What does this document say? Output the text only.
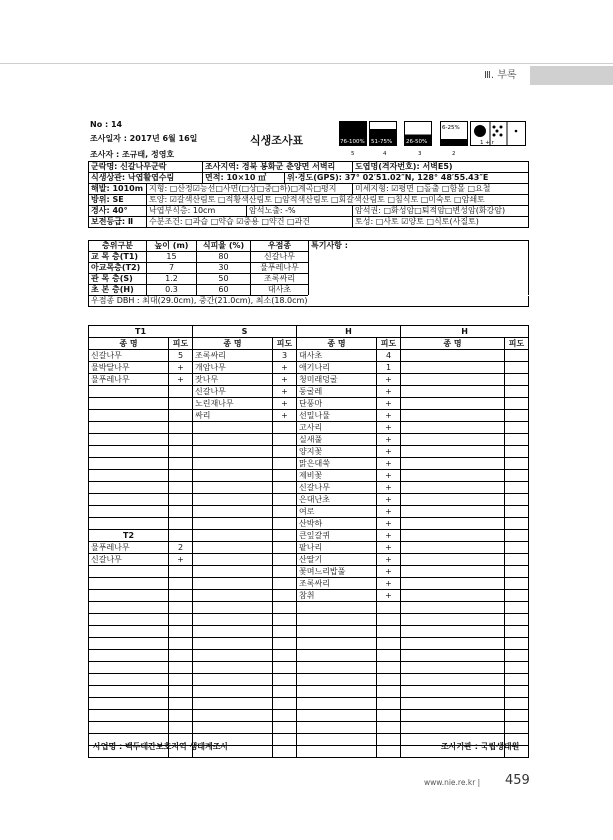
Ⅲ. 부록
No : 14
조사일자 : 2017년 6월 16일	식생조사표
조사자 : 조규태, 정영호
76-100%
5
51-75%
4
26-50%
3
6-25%
2
1 + r
군락명: 신갈나무군락		조사지역: 경북 봉화군 춘양면 서벽리			도엽명(격자번호): 서벽E5)
식생상관: 낙엽활엽수림		면적: 10×10 ㎡		위·경도(GPS): 37° 02′51.02″N, 128° 48′55.43″E	
해발: 1010m	지형: □산정☑능선□사면(□상□중□하)□계곡□평지				미세지형: ☑평면 □돌출 □함몰 □요철
방위: SE	토양: ☑갈색산림토 □적황색산림토 □암적색산림토 □회갈색산림토 □침식토 □미숙토 □암쇄토				
경사: 40°	낙엽부식층: 10cm		암석노출: -%		암석권: □화성암□퇴적암□변성암(화강암)
보전등급: Ⅱ	수분조건: □과습 □약습 ☑중용 □약건 □과건				토성: □사토 ☑양토 □식토(사질토)
층위구분	높이 (m)	식피율 (%)	우점종	특기사항 :
교 목 층(T1)	15	80	신갈나무	
아교목층(T2)	7	30	물푸레나무	
관 목 층(S)	1.2	50	조록싸리	
초 본 층(H)	0.3	60	대사초	
우점종 DBH : 최대(29.0cm), 중간(21.0cm), 최소(18.0cm)				
T1		S		H		H	
종 명	피도	종 명	피도	종 명	피도	종 명	피도
신갈나무	5	조록싸리	3	대사초	4		
물박달나무	+	개암나무	+	애기나리	1		
물푸레나무	+	잣나무	+	청미래덩굴	+		
		신갈나무	+	둥굴레	+		
		노린재나무	+	단풍마	+		
		싸리	+	선밀나물	+		
				고사리	+		
				실새풀	+		
				양지꽃	+		
				맑은대쑥	+		
				제비꽃	+		
				신갈나무	+		
				은대난초	+		
				여로	+		
				산박하	+		
T2				큰잎갈퀴	+		
물푸레나무	2			팥나리	+		
신갈나무	+			산딸기	+		
				꽃며느리밥풀	+		
				조록싸리	+		
				참취	+		

사업명 : 백두대간보호지역 생태계조사	조사기관 : 국립생태원
www.nie.re.kr | 459
